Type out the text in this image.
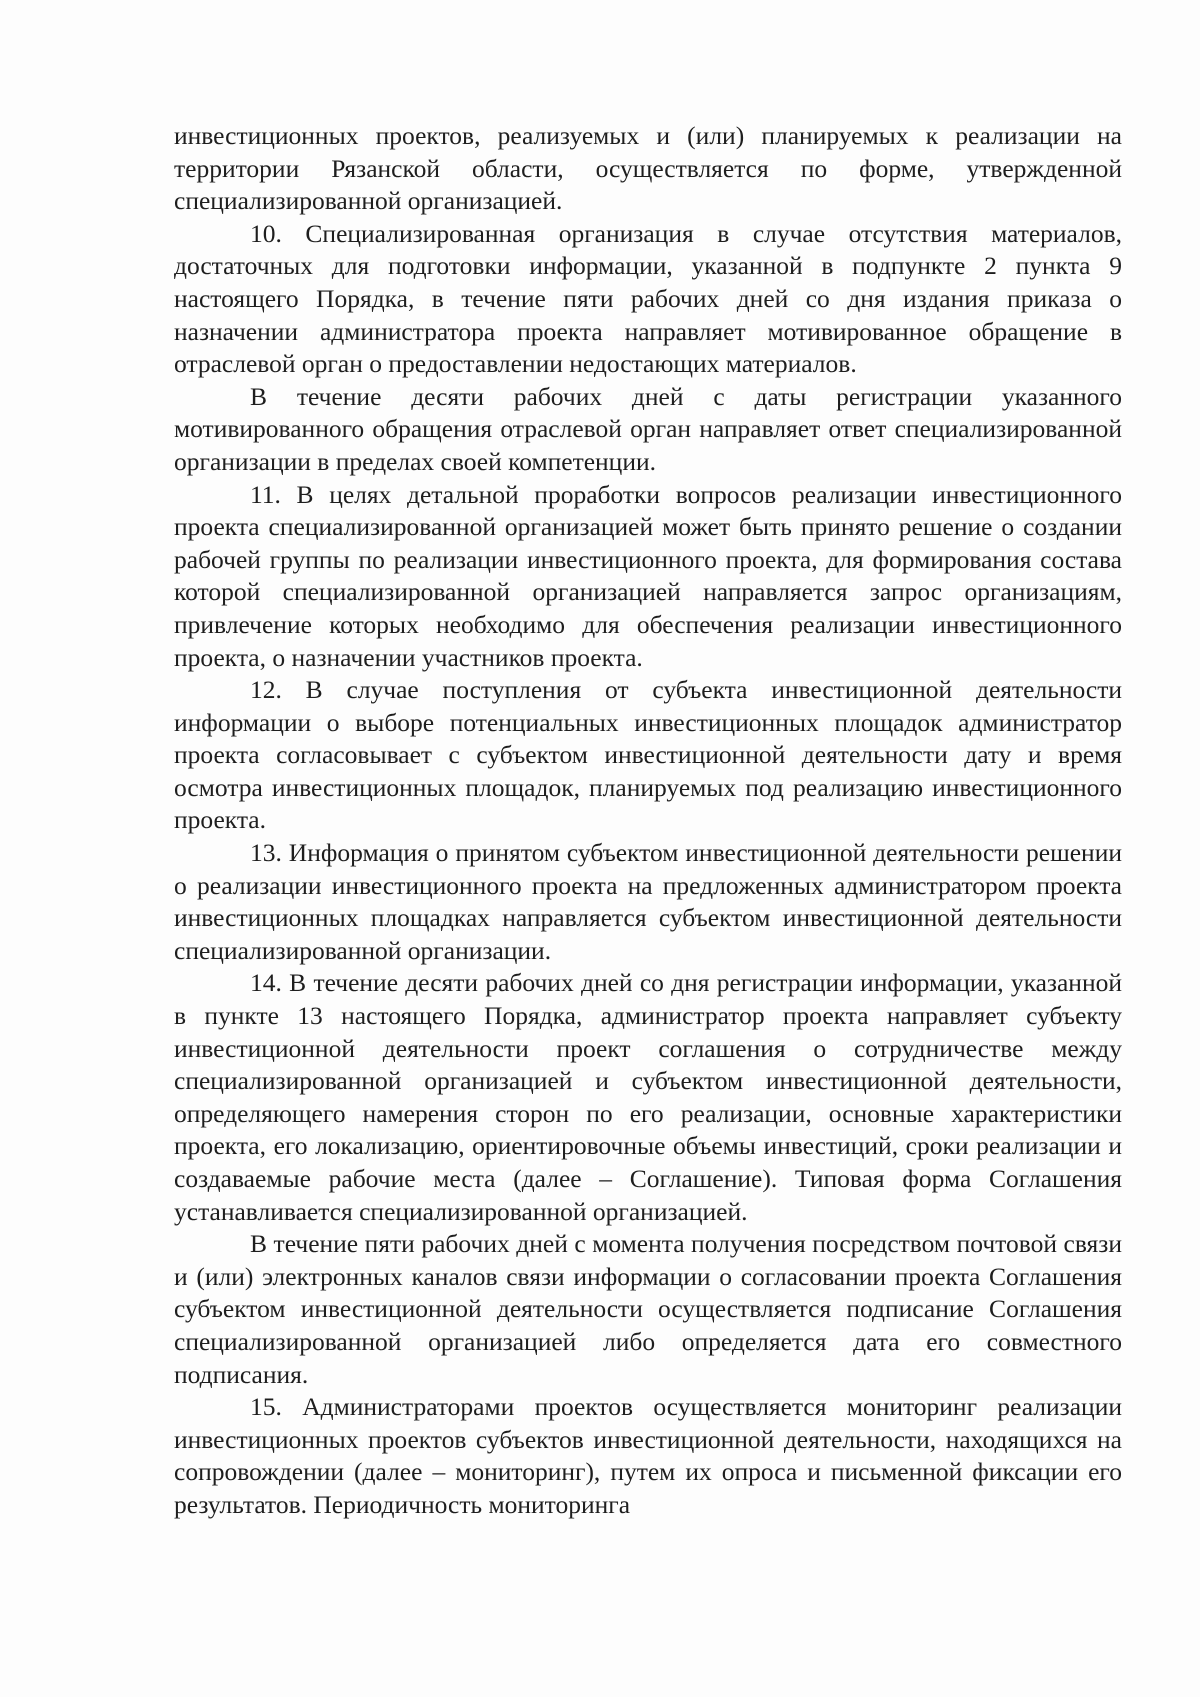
инвестиционных проектов, реализуемых и (или) планируемых к реализации на территории Рязанской области, осуществляется по форме, утвержденной специализированной организацией.

10. Специализированная организация в случае отсутствия материалов, достаточных для подготовки информации, указанной в подпункте 2 пункта 9 настоящего Порядка, в течение пяти рабочих дней со дня издания приказа о назначении администратора проекта направляет мотивированное обращение в отраслевой орган о предоставлении недостающих материалов.

В течение десяти рабочих дней с даты регистрации указанного мотивированного обращения отраслевой орган направляет ответ специализированной организации в пределах своей компетенции.

11. В целях детальной проработки вопросов реализации инвестиционного проекта специализированной организацией может быть принято решение о создании рабочей группы по реализации инвестиционного проекта, для формирования состава которой специализированной организацией направляется запрос организациям, привлечение которых необходимо для обеспечения реализации инвестиционного проекта, о назначении участников проекта.

12. В случае поступления от субъекта инвестиционной деятельности информации о выборе потенциальных инвестиционных площадок администратор проекта согласовывает с субъектом инвестиционной деятельности дату и время осмотра инвестиционных площадок, планируемых под реализацию инвестиционного проекта.

13. Информация о принятом субъектом инвестиционной деятельности решении о реализации инвестиционного проекта на предложенных администратором проекта инвестиционных площадках направляется субъектом инвестиционной деятельности специализированной организации.

14. В течение десяти рабочих дней со дня регистрации информации, указанной в пункте 13 настоящего Порядка, администратор проекта направляет субъекту инвестиционной деятельности проект соглашения о сотрудничестве между специализированной организацией и субъектом инвестиционной деятельности, определяющего намерения сторон по его реализации, основные характеристики проекта, его локализацию, ориентировочные объемы инвестиций, сроки реализации и создаваемые рабочие места (далее – Соглашение). Типовая форма Соглашения устанавливается специализированной организацией.

В течение пяти рабочих дней с момента получения посредством почтовой связи и (или) электронных каналов связи информации о согласовании проекта Соглашения субъектом инвестиционной деятельности осуществляется подписание Соглашения специализированной организацией либо определяется дата его совместного подписания.

15. Администраторами проектов осуществляется мониторинг реализации инвестиционных проектов субъектов инвестиционной деятельности, находящихся на сопровождении (далее – мониторинг), путем их опроса и письменной фиксации его результатов. Периодичность мониторинга
